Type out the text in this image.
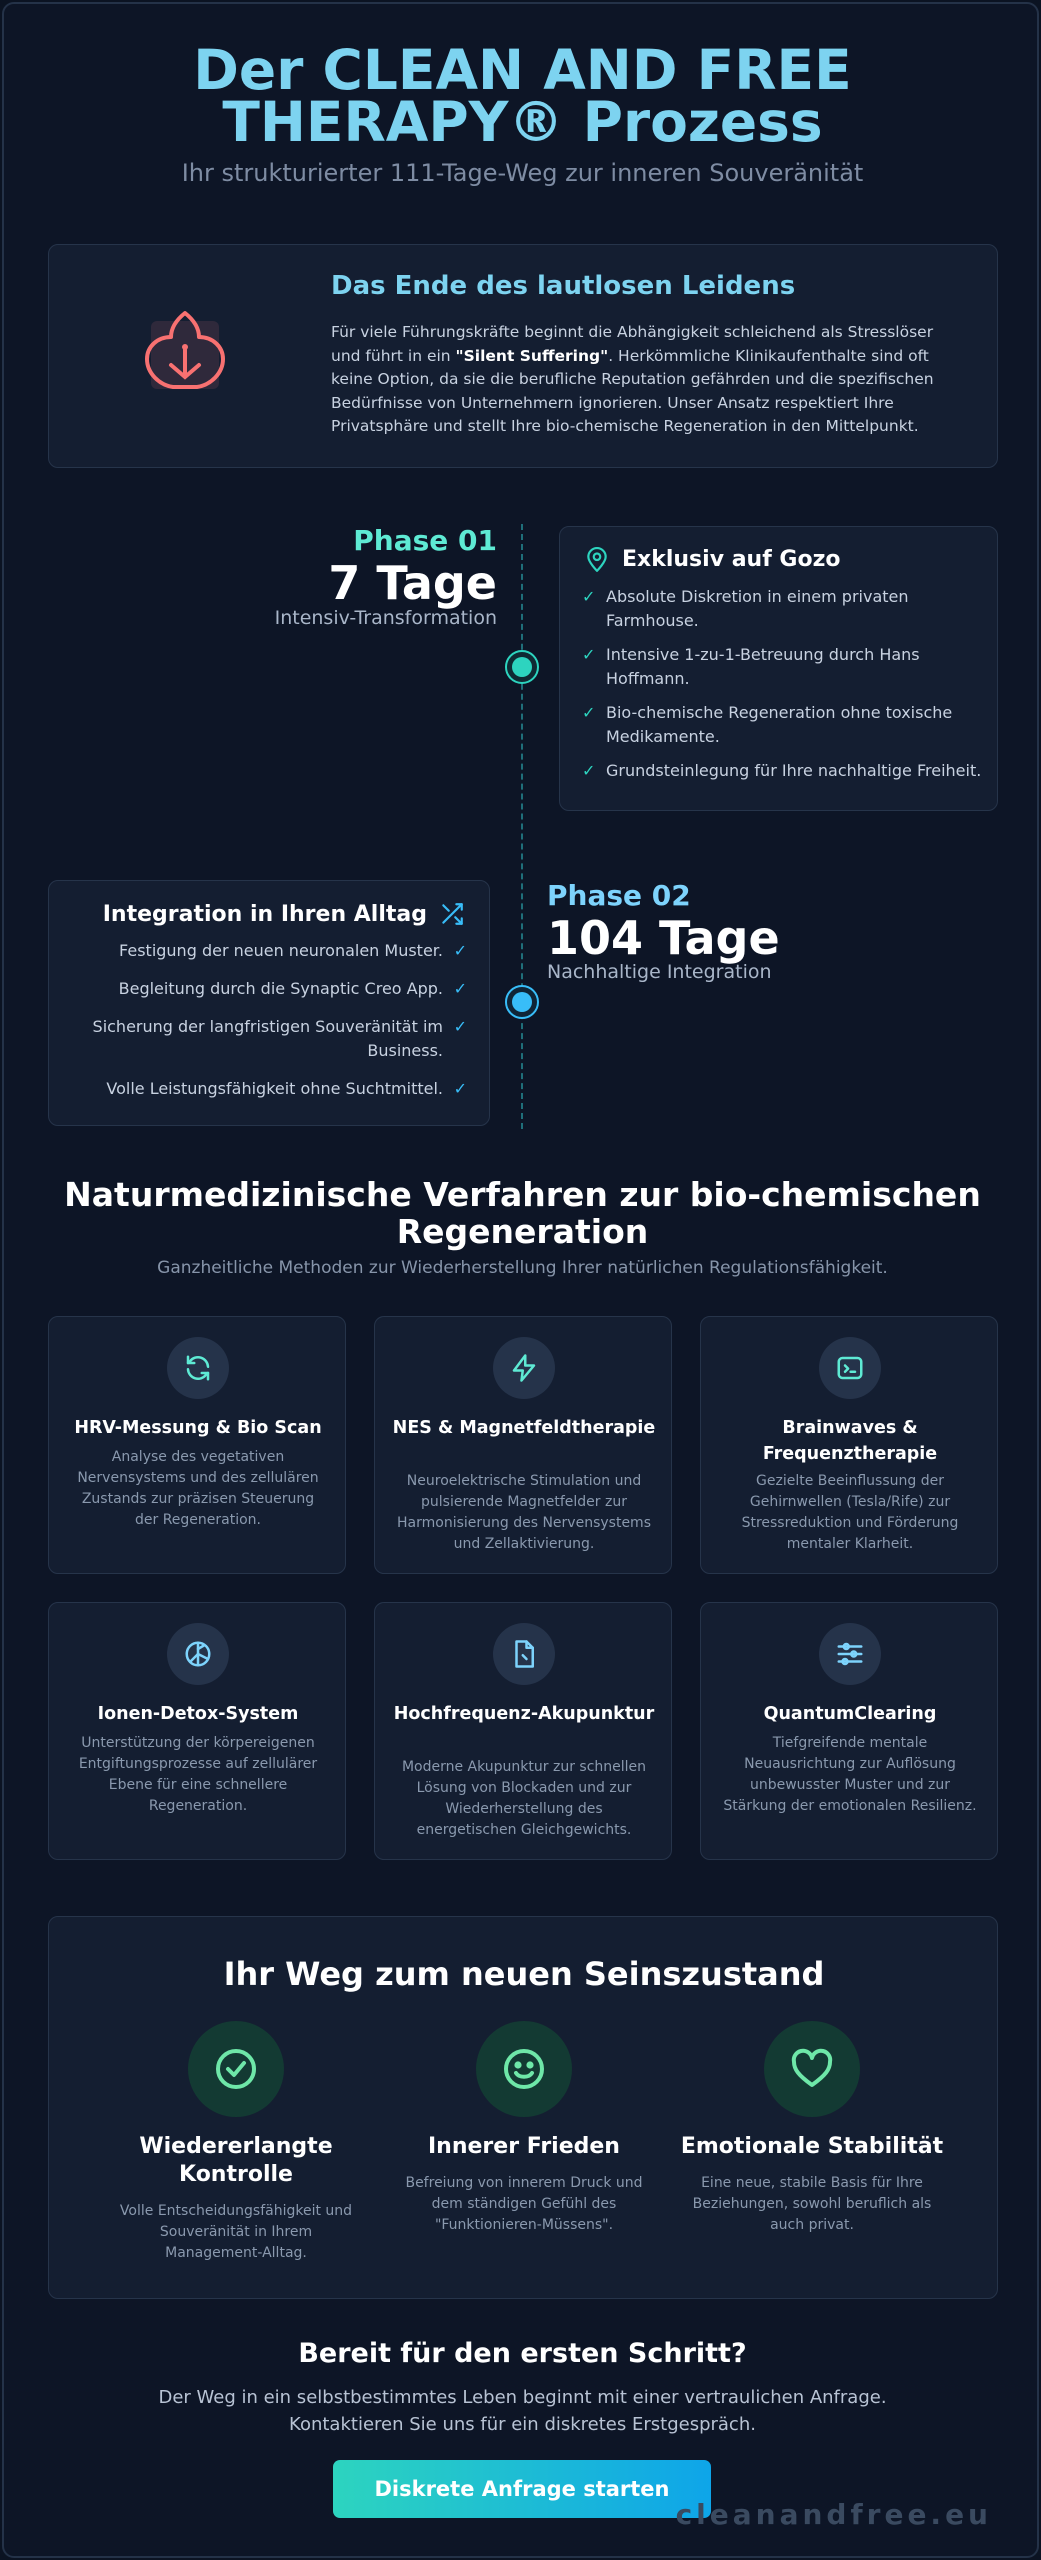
Der CLEAN AND FREE
THERAPY® Prozess
Ihr strukturierter 111-Tage-Weg zur inneren Souveränität
Das Ende des lautlosen Leidens
Für viele Führungskräfte beginnt die Abhängigkeit schleichend als Stresslöser und führt in ein "Silent Suffering". Herkömmliche Klinikaufenthalte sind oft keine Option, da sie die berufliche Reputation gefährden und die spezifischen Bedürfnisse von Unternehmern ignorieren. Unser Ansatz respektiert Ihre Privatsphäre und stellt Ihre bio-chemische Regeneration in den Mittelpunkt.
Phase 01
7 Tage
Intensiv-Transformation
Exklusiv auf Gozo
✓ Absolute Diskretion in einem privaten Farmhouse.
✓ Intensive 1-zu-1-Betreuung durch Hans Hoffmann.
✓ Bio-chemische Regeneration ohne toxische Medikamente.
✓ Grundsteinlegung für Ihre nachhaltige Freiheit.
Integration in Ihren Alltag
✓
Festigung der neuen neuronalen Muster.
✓
Begleitung durch die Synaptic Creo App.
✓
Sicherung der langfristigen Souveränität im Business.
✓
Volle Leistungsfähigkeit ohne Suchtmittel.
Phase 02
104 Tage
Nachhaltige Integration
Naturmedizinische Verfahren zur bio-chemischen Regeneration
Ganzheitliche Methoden zur Wiederherstellung Ihrer natürlichen Regulationsfähigkeit.
HRV-Messung & Bio Scan
Analyse des vegetativen Nervensystems und des zellulären Zustands zur präzisen Steuerung der Regeneration.
NES & Magnetfeldtherapie
Neuroelektrische Stimulation und pulsierende Magnetfelder zur Harmonisierung des Nervensystems und Zellaktivierung.
Brainwaves & Frequenztherapie
Gezielte Beeinflussung der Gehirnwellen (Tesla/Rife) zur Stressreduktion und Förderung mentaler Klarheit.
Ionen-Detox-System
Unterstützung der körpereigenen Entgiftungsprozesse auf zellulärer Ebene für eine schnellere Regeneration.
Hochfrequenz-Akupunktur
Moderne Akupunktur zur schnellen Lösung von Blockaden und zur Wiederherstellung des energetischen Gleichgewichts.
QuantumClearing
Tiefgreifende mentale Neuausrichtung zur Auflösung unbewusster Muster und zur Stärkung der emotionalen Resilienz.
Ihr Weg zum neuen Seinszustand
Wiedererlangte Kontrolle
Volle Entscheidungsfähigkeit und Souveränität in Ihrem Management-Alltag.
Innerer Frieden
Befreiung von innerem Druck und dem ständigen Gefühl des "Funktionieren-Müssens".
Emotionale Stabilität
Eine neue, stabile Basis für Ihre Beziehungen, sowohl beruflich als auch privat.
Bereit für den ersten Schritt?
Der Weg in ein selbstbestimmtes Leben beginnt mit einer vertraulichen Anfrage.
Kontaktieren Sie uns für ein diskretes Erstgespräch.
Diskrete Anfrage starten
cleanandfree.eu
